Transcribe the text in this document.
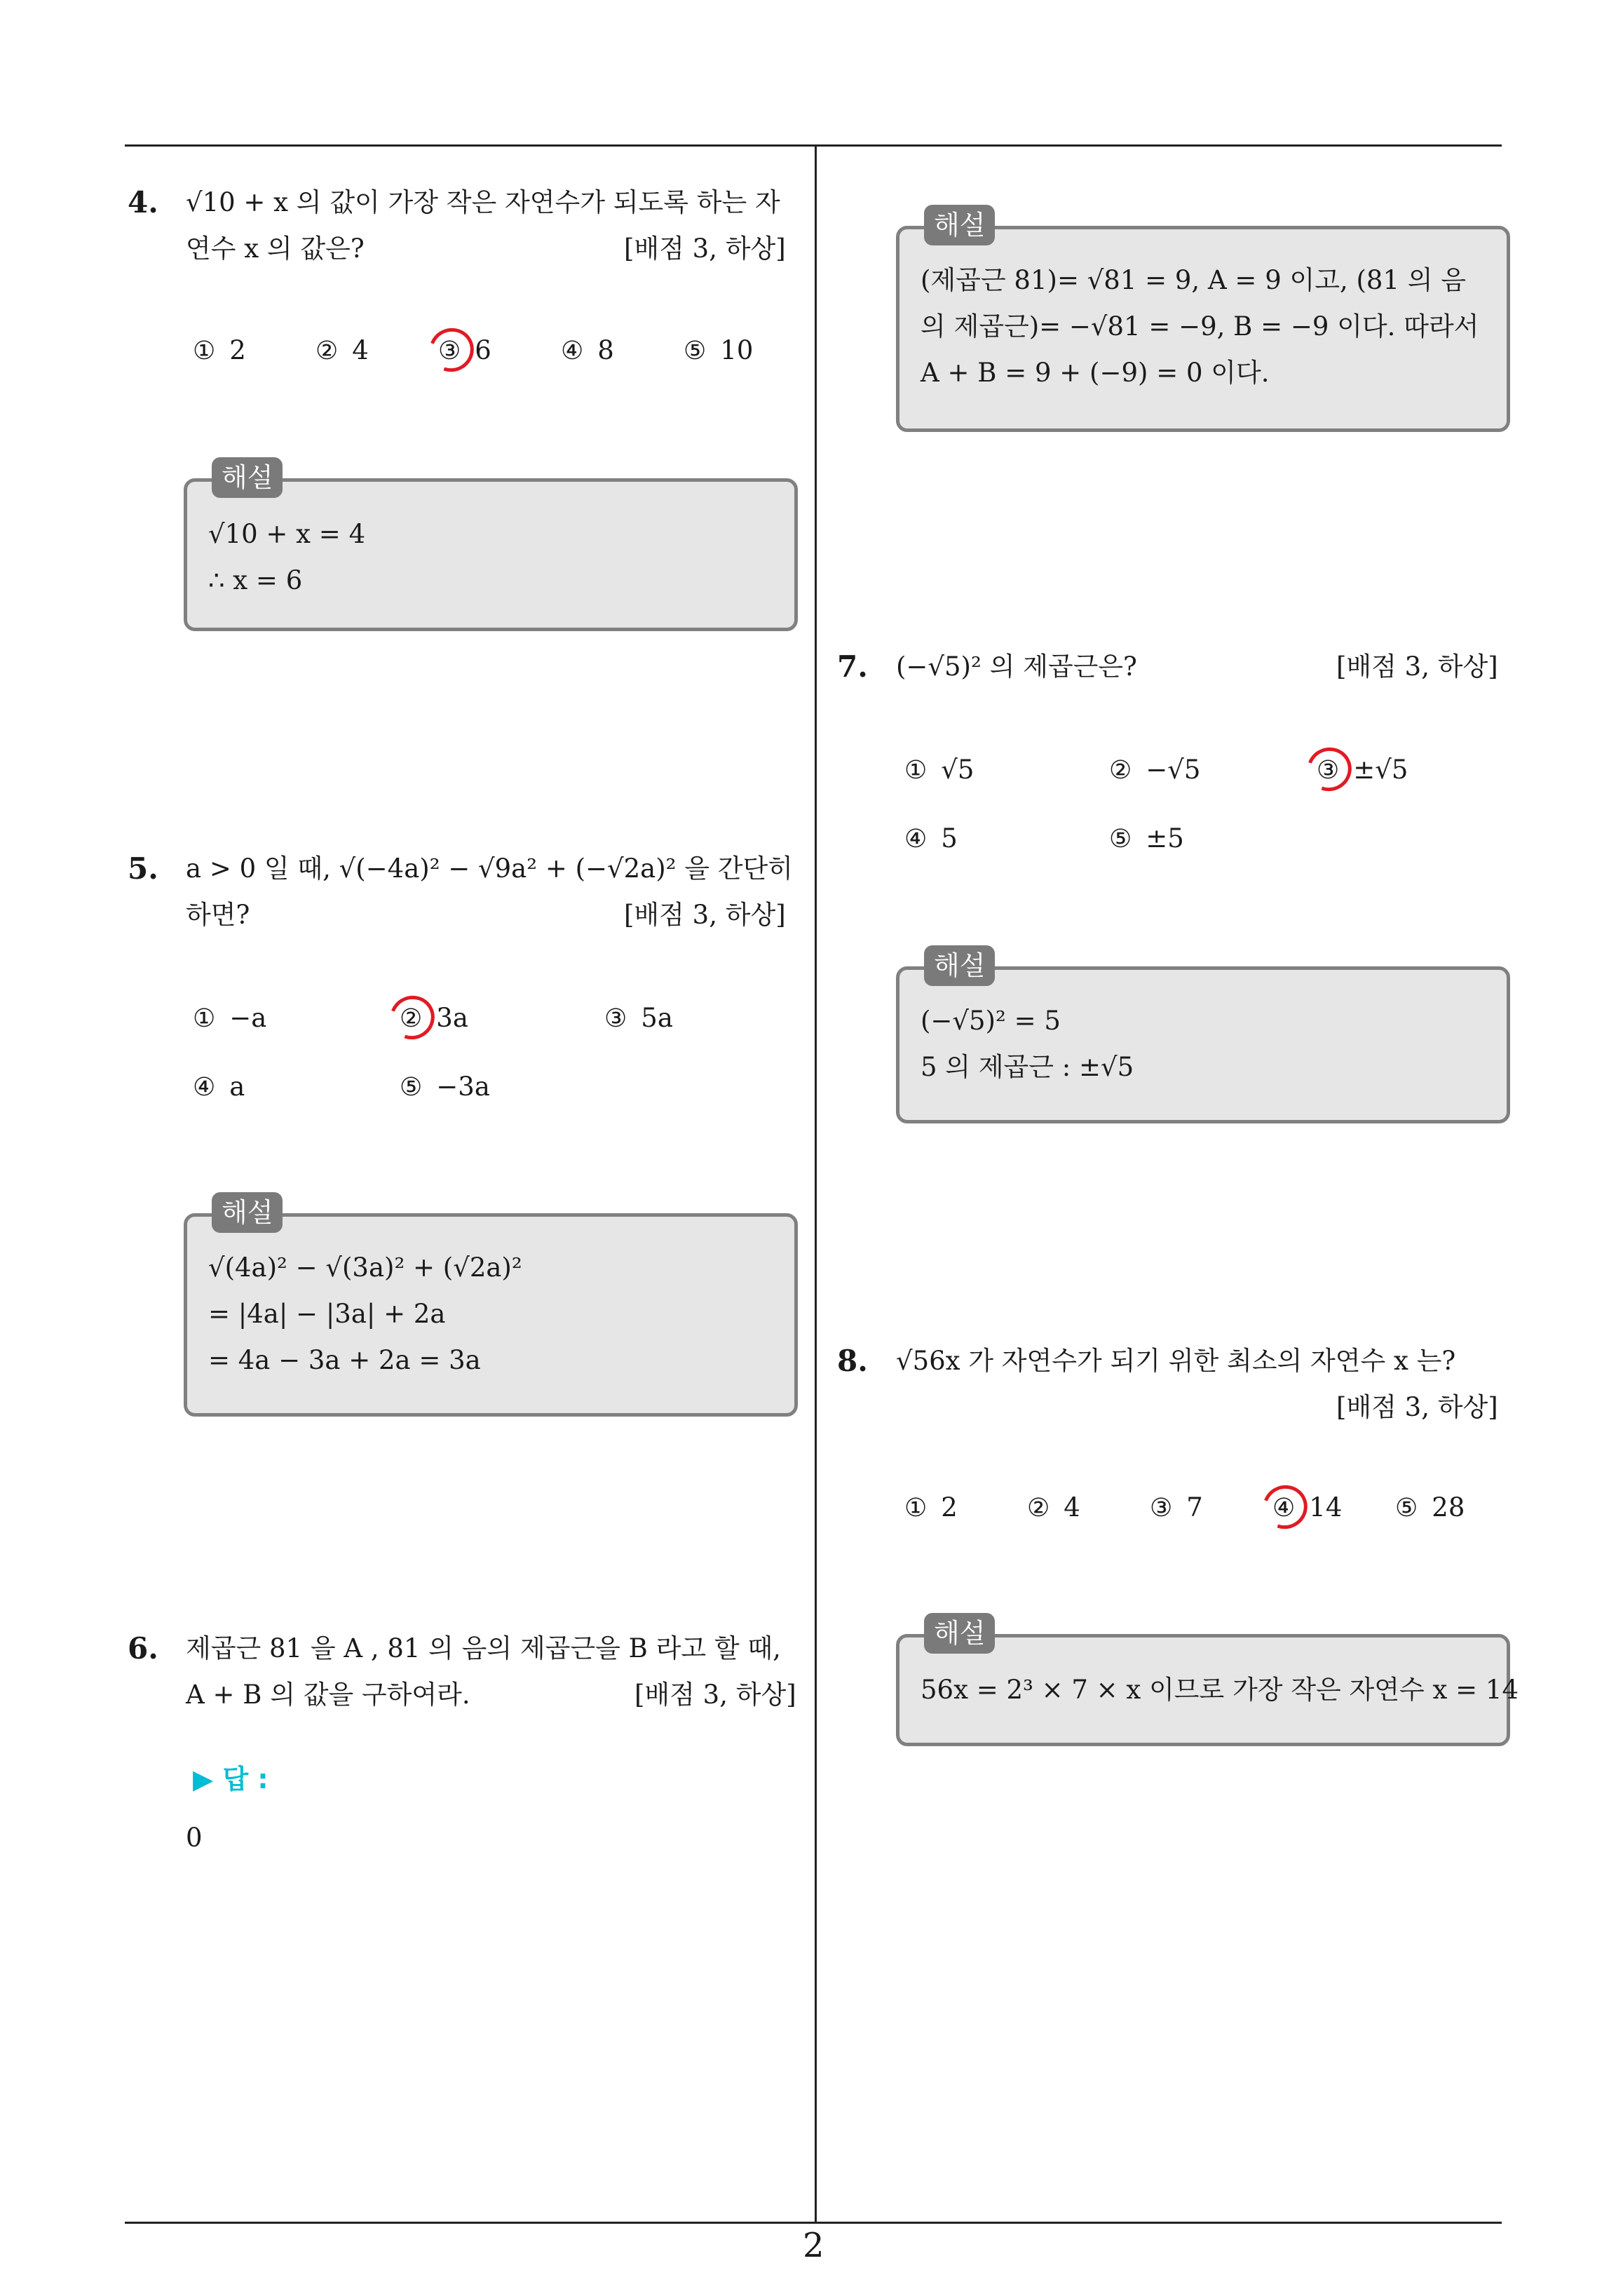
4. √10 + x 의 값이 가장 작은 자연수가 되도록 하는 자
연수 x 의 값은?	[배점 3, 하상]
① 2	② 4	③ 6	④ 8	⑤ 10
√10 + x = 4
∴ x = 6
해설
5. a > 0 일 때, √(−4a)² − √9a² + (−√2a)² 을 간단히
하면?	[배점 3, 하상]
① −a	② 3a	③ 5a
④ a	⑤ −3a
√(4a)² − √(3a)² + (√2a)²
= |4a| − |3a| + 2a
= 4a − 3a + 2a = 3a
해설
6. 제곱근 81 을 A , 81 의 음의 제곱근을 B 라고 할 때,
A + B 의 값을 구하여라.	[배점 3, 하상]
▶ 답 :
0
(제곱근 81)= √81 = 9, A = 9 이고, (81 의 음
의 제곱근)= −√81 = −9, B = −9 이다. 따라서
A + B = 9 + (−9) = 0 이다.
해설
7. (−√5)² 의 제곱근은?	[배점 3, 하상]
① √5	② −√5	③ ±√5
④ 5	⑤ ±5
(−√5)² = 5
5 의 제곱근 : ±√5
해설
8. √56x 가 자연수가 되기 위한 최소의 자연수 x 는?
[배점 3, 하상]
① 2	② 4	③ 7	④ 14 ⑤ 28
56x = 2³ × 7 × x 이므로 가장 작은 자연수 x = 14
해설
2
